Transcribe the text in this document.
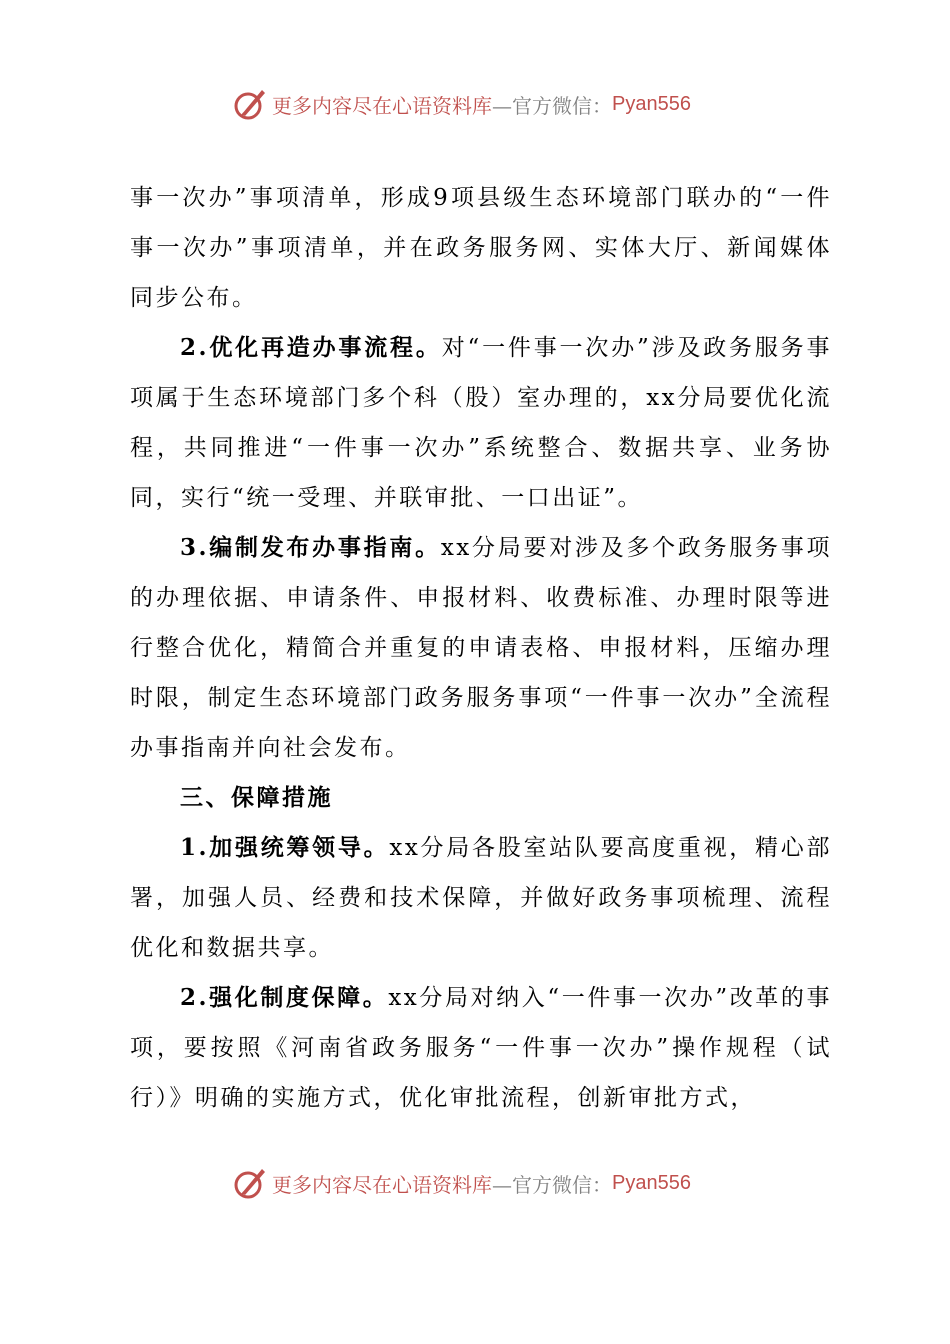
更多内容尽在心语资料库 —官方微信： Pyan556

事一次办”事项清单，形成9项县级生态环境部门联办的“一件事一次办”事项清单，并在政务服务网、实体大厅、新闻媒体同步公布。

2.优化再造办事流程。对“一件事一次办”涉及政务服务事项属于生态环境部门多个科（股）室办理的，xx分局要优化流程，共同推进“一件事一次办”系统整合、数据共享、业务协同，实行“统一受理、并联审批、一口出证”。

3.编制发布办事指南。xx分局要对涉及多个政务服务事项的办理依据、申请条件、申报材料、收费标准、办理时限等进行整合优化，精简合并重复的申请表格、申报材料，压缩办理时限，制定生态环境部门政务服务事项“一件事一次办”全流程办事指南并向社会发布。

三、保障措施

1.加强统筹领导。xx分局各股室站队要高度重视，精心部署，加强人员、经费和技术保障，并做好政务事项梳理、流程优化和数据共享。

2.强化制度保障。xx分局对纳入“一件事一次办”改革的事项，要按照《河南省政务服务“一件事一次办”操作规程（试行）》明确的实施方式，优化审批流程，创新审批方式，

更多内容尽在心语资料库 —官方微信： Pyan556
